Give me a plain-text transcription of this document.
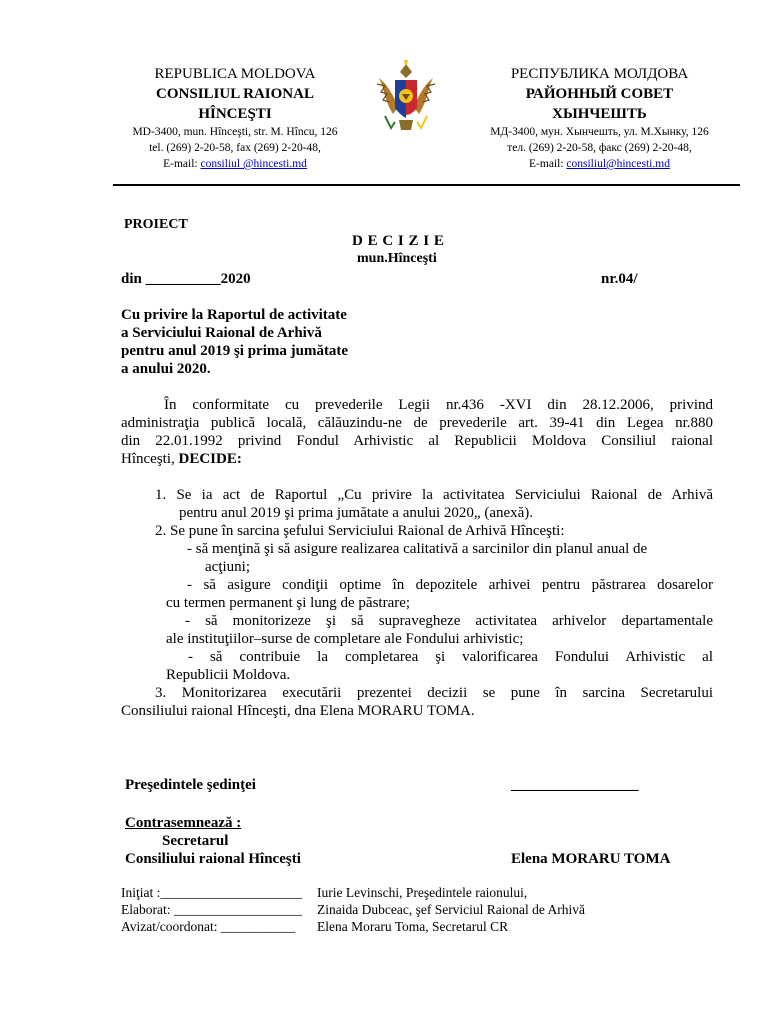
REPUBLICA MOLDOVA
CONSILIUL RAIONAL
HÎNCEŞTI
MD-3400, mun. Hînceşti, str. M. Hîncu, 126
tel. (269) 2-20-58, fax (269) 2-20-48,
E-mail: consiliul @hincesti.md
РЕСПУБЛИКА МОЛДОВА
РАЙОННЫЙ СОВЕТ
ХЫНЧЕШТЬ
МД-3400, мун. Хынчешть, ул. М.Хынку, 126
тел. (269) 2-20-58, факс (269) 2-20-48,
E-mail: consiliul@hincesti.md
PROIECT
D E C I Z I E
mun.Hînceşti
din __________2020	nr.04/
Cu privire la Raportul de activitate
a Serviciului Raional de Arhivă
pentru anul 2019 şi prima jumătate
a anului 2020.
În conformitate cu prevederile Legii nr.436 -XVI din 28.12.2006, privind
administraţia publică locală, călăuzindu-ne de prevederile art. 39-41 din Legea nr.880
din 22.01.1992 privind Fondul Arhivistic al Republicii Moldova Consiliul raional
Hînceşti, DECIDE:
1. Se ia act de Raportul „Cu privire la activitatea Serviciului Raional de Arhivă
pentru anul 2019 şi prima jumătate a anului 2020„ (anexă).
2. Se pune în sarcina şefului Serviciului Raional de Arhivă Hînceşti:
- să menţină şi să asigure realizarea calitativă a sarcinilor din planul anual de
acţiuni;
- să asigure condiţii optime în depozitele arhivei pentru păstrarea dosarelor
cu termen permanent şi lung de păstrare;
- să monitorizeze şi să supravegheze activitatea arhivelor departamentale
ale instituţiilor–surse de completare ale Fondului arhivistic;
- să contribuie la completarea şi valorificarea Fondului Arhivistic al
Republicii Moldova.
3. Monitorizarea executării prezentei decizii se pune în sarcina Secretarului
Consiliului raional Hînceşti, dna Elena MORARU TOMA.
Preşedintele şedinţei	_________________
Contrasemnează :
Secretarul
Consiliului raional Hînceşti	Elena MORARU TOMA
Iniţiat :_____________________ Iurie Levinschi, Preşedintele raionului,
Elaborat: ___________________ Zinaida Dubceac, şef Serviciul Raional de Arhivă
Avizat/coordonat: ___________ Elena Moraru Toma, Secretarul CR
